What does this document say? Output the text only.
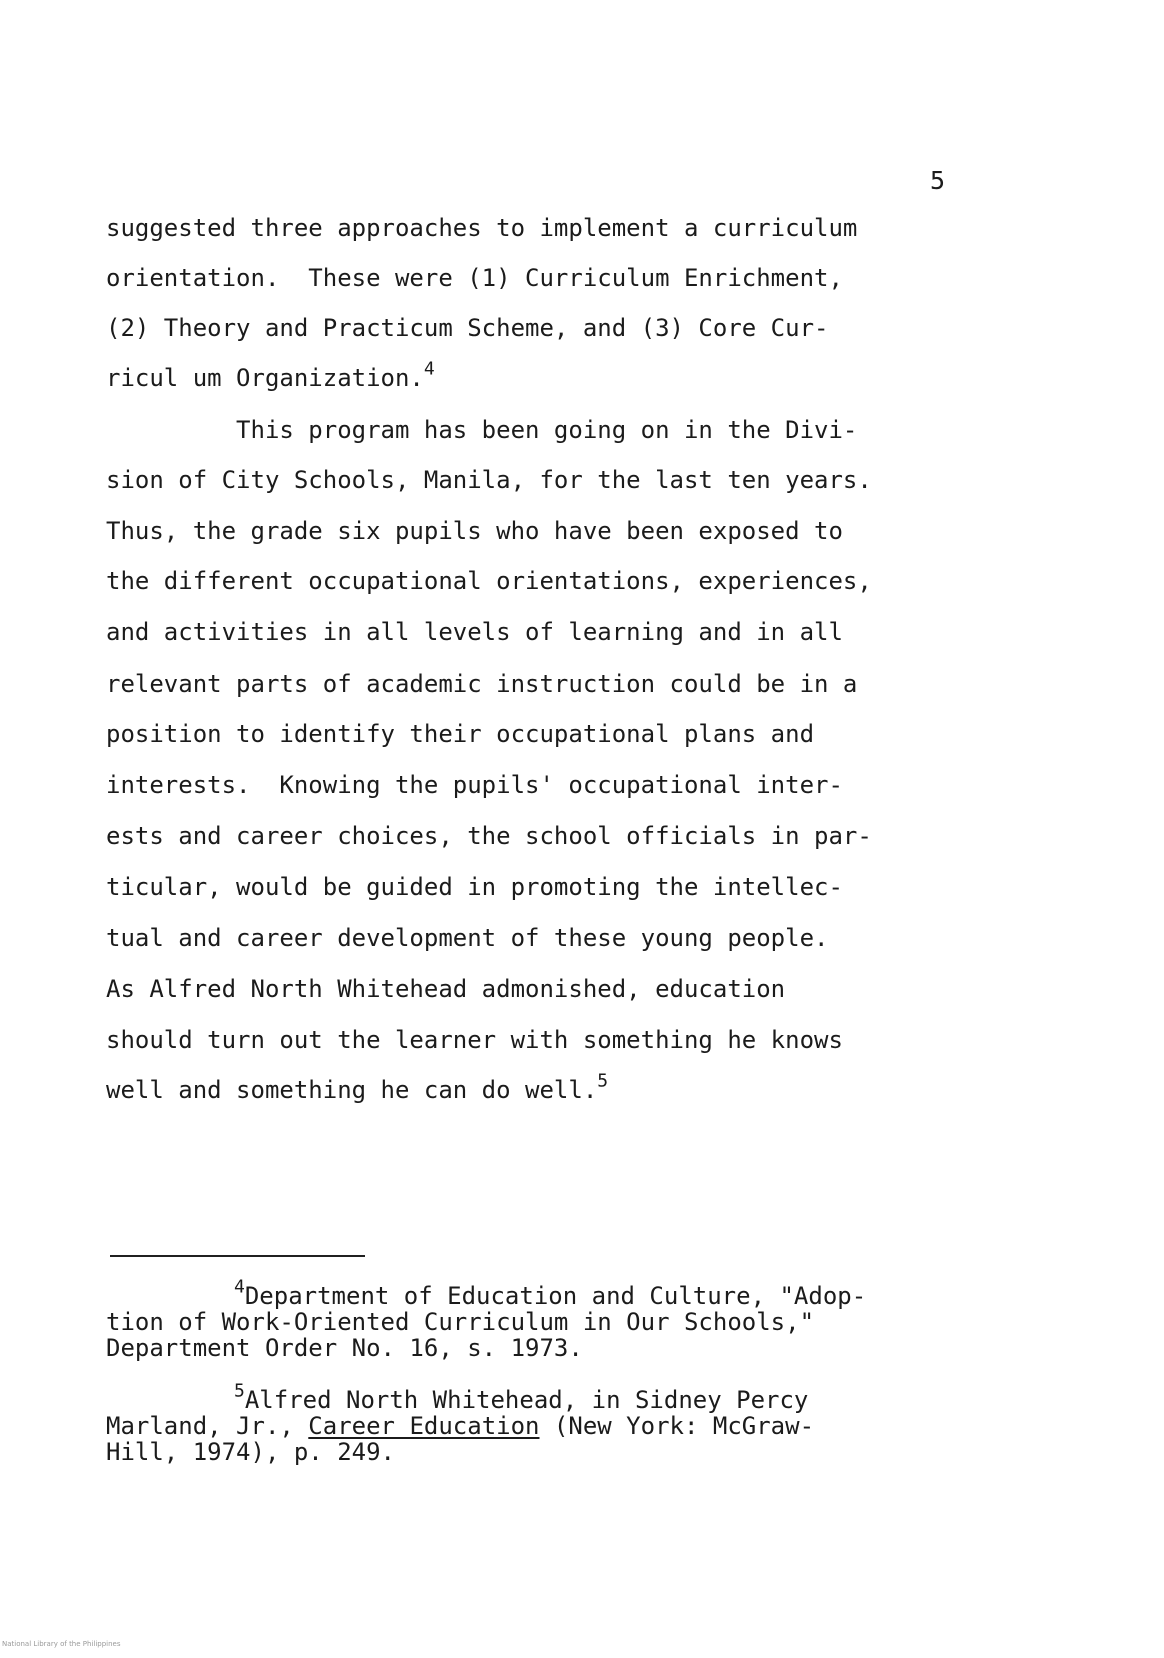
5
suggested three approaches to implement a curriculum
orientation.  These were (1) Curriculum Enrichment,
(2) Theory and Practicum Scheme, and (3) Core Cur-
ricul um Organization.$^4$
This program has been going on in the Divi-
sion of City Schools, Manila, for the last ten years.
Thus, the grade six pupils who have been exposed to
the different occupational orientations, experiences,
and activities in all levels of learning and in all
relevant parts of academic instruction could be in a
position to identify their occupational plans and
interests.  Knowing the pupils' occupational inter-
ests and career choices, the school officials in par-
ticular, would be guided in promoting the intellec-
tual and career development of these young people.
As Alfred North Whitehead admonished, education
should turn out the learner with something he knows
well and something he can do well.$^5$
$^4$Department of Education and Culture, "Adop-
tion of Work-Oriented Curriculum in Our Schools,"
Department Order No. 16, s. 1973.
$^5$Alfred North Whitehead, in Sidney Percy
Marland, Jr., Career Education (New York: McGraw-
Hill, 1974), p. 249.
National Library of the Philippines
